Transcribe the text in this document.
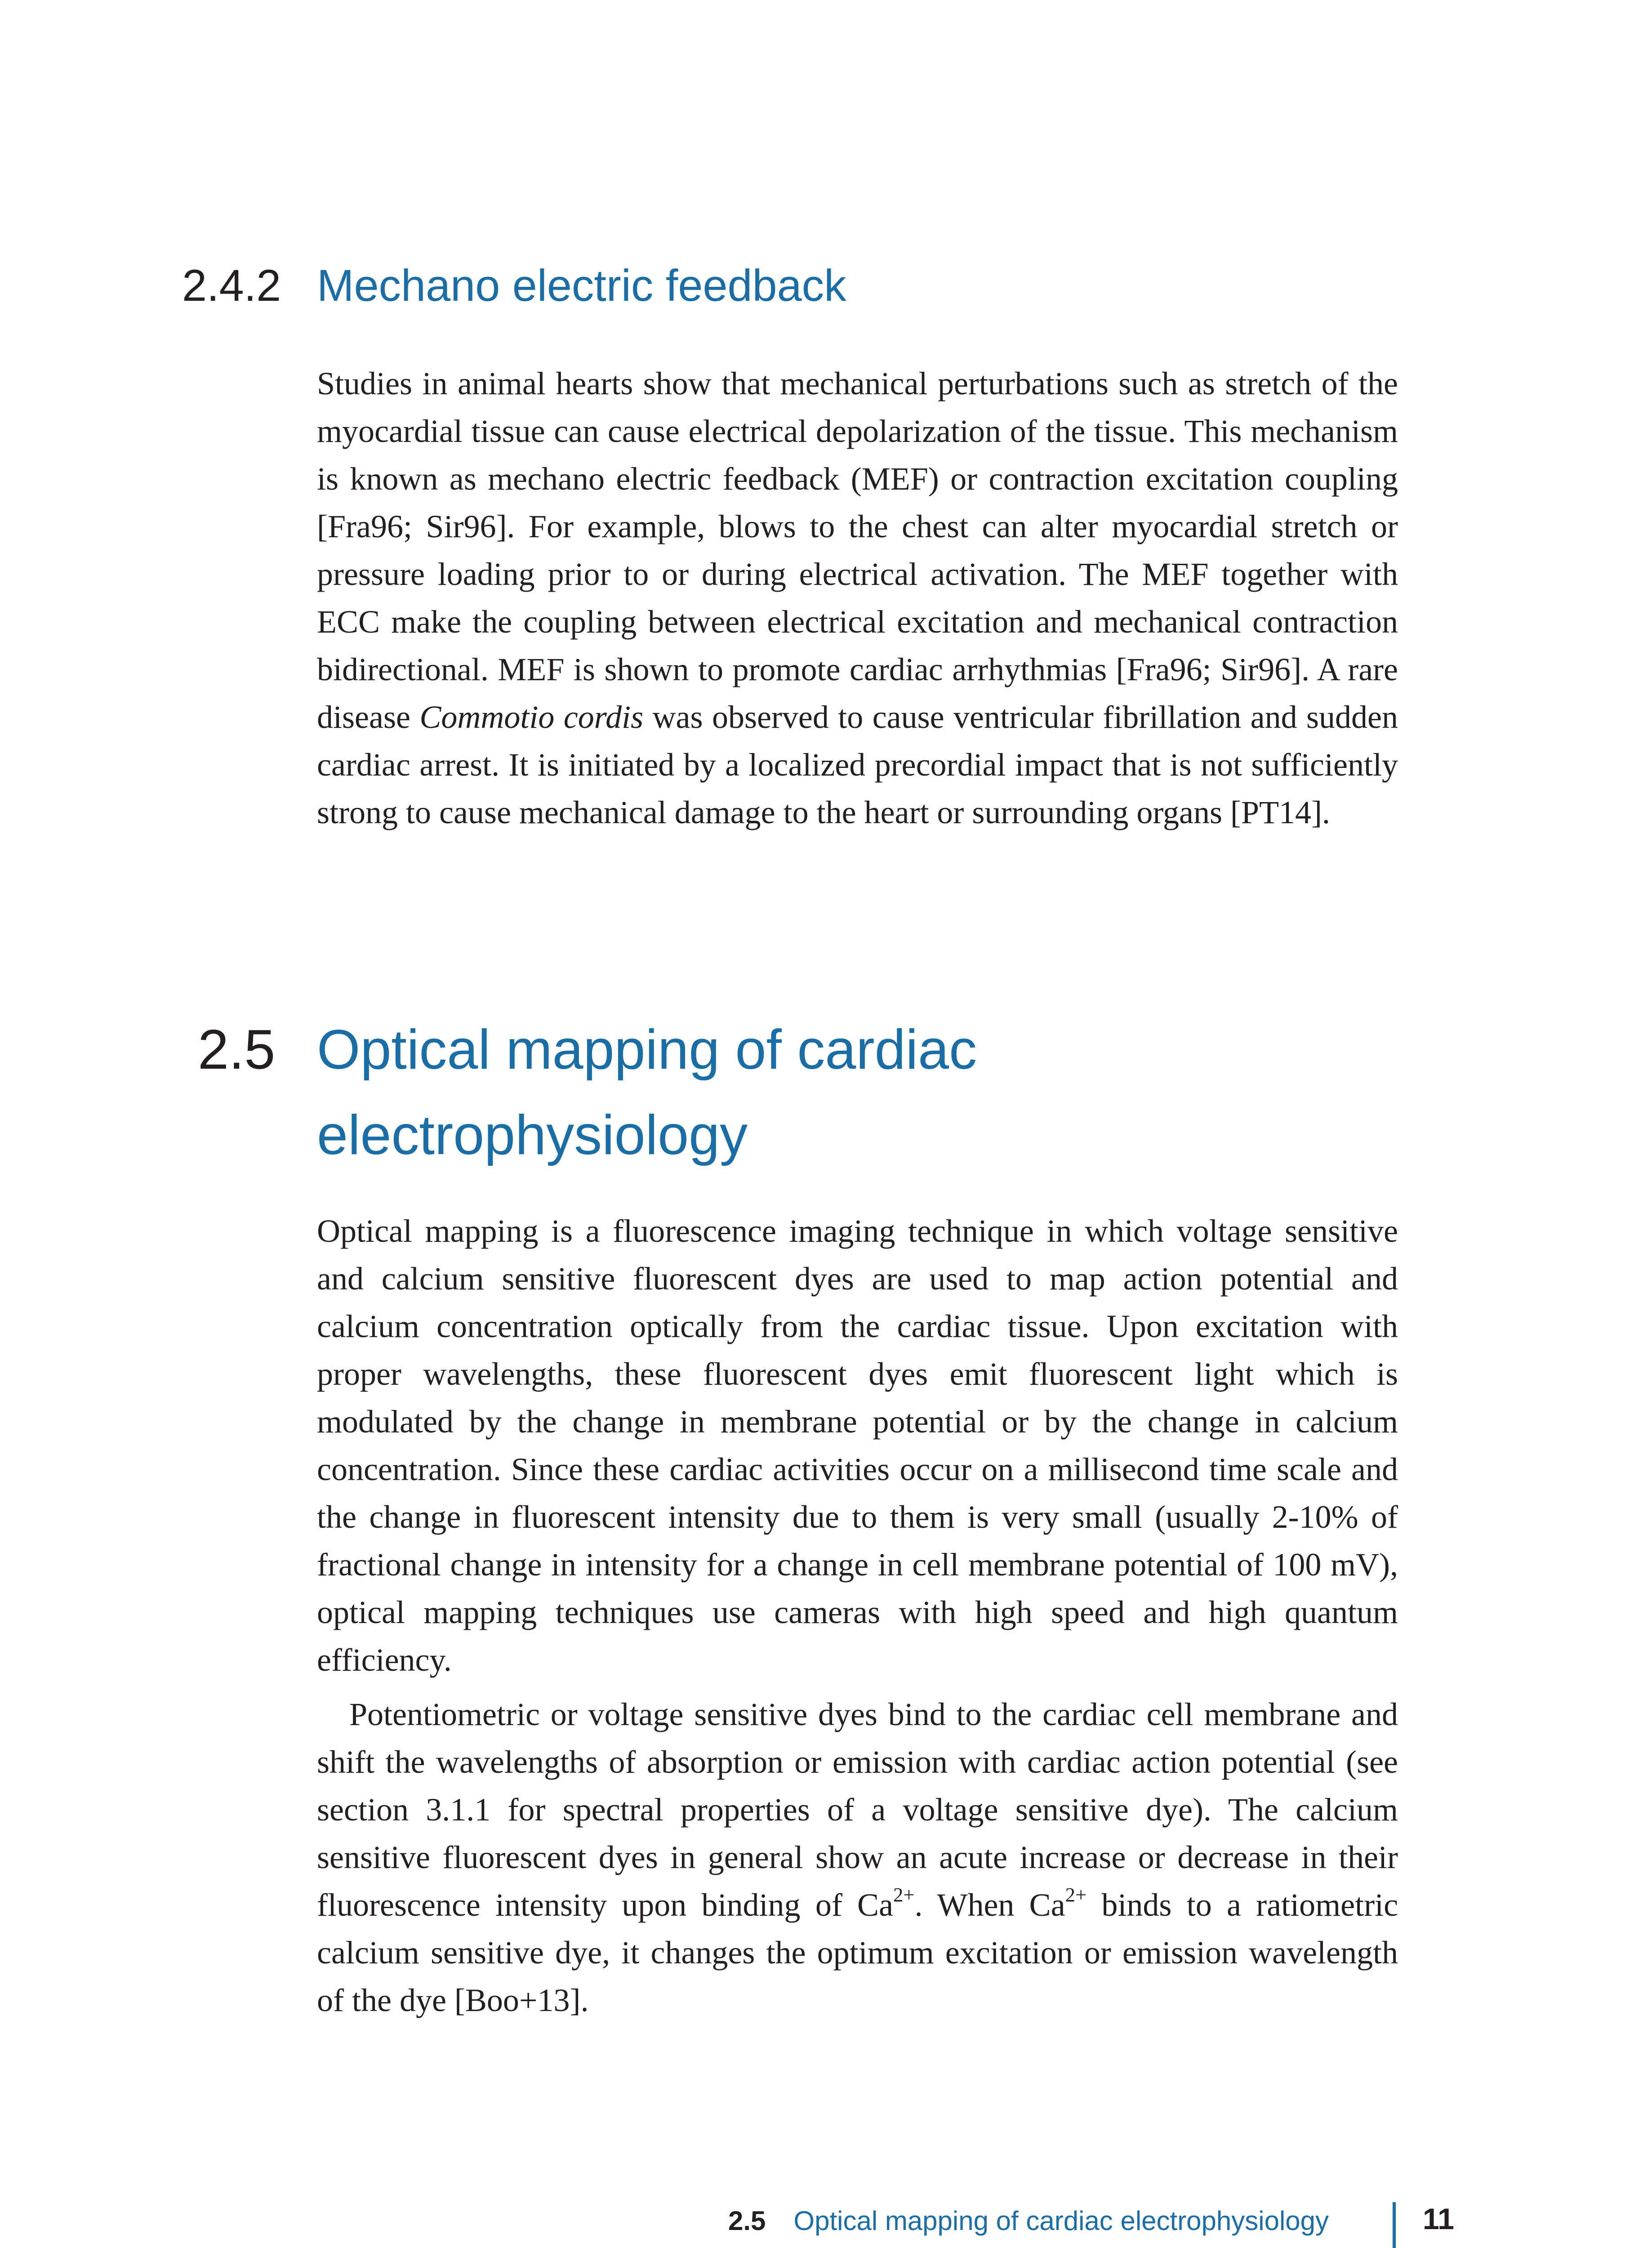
2.4.2 Mechano electric feedback

Studies in animal hearts show that mechanical perturbations such as stretch of the myocardial tissue can cause electrical depolarization of the tissue. This mechanism is known as mechano electric feedback (MEF) or contraction excitation coupling [Fra96; Sir96]. For example, blows to the chest can alter myocardial stretch or pressure loading prior to or during electrical activation. The MEF together with ECC make the coupling between electrical excitation and mechanical contraction bidirectional. MEF is shown to promote cardiac arrhythmias [Fra96; Sir96]. A rare disease Commotio cordis was observed to cause ventricular fibrillation and sudden cardiac arrest. It is initiated by a localized precordial impact that is not sufficiently strong to cause mechanical damage to the heart or surrounding organs [PT14].

2.5 Optical mapping of cardiac electrophysiology

Optical mapping is a fluorescence imaging technique in which voltage sensitive and calcium sensitive fluorescent dyes are used to map action potential and calcium concentration optically from the cardiac tissue. Upon excitation with proper wavelengths, these fluorescent dyes emit fluorescent light which is modulated by the change in membrane potential or by the change in calcium concentration. Since these cardiac activities occur on a millisecond time scale and the change in fluorescent intensity due to them is very small (usually 2-10% of fractional change in intensity for a change in cell membrane potential of 100 mV), optical mapping techniques use cameras with high speed and high quantum efficiency.

Potentiometric or voltage sensitive dyes bind to the cardiac cell membrane and shift the wavelengths of absorption or emission with cardiac action potential (see section 3.1.1 for spectral properties of a voltage sensitive dye). The calcium sensitive fluorescent dyes in general show an acute increase or decrease in their fluorescence intensity upon binding of $Ca^{2+}$. When $Ca^{2+}$ binds to a ratiometric calcium sensitive dye, it changes the optimum excitation or emission wavelength of the dye [Boo+13].

2.5 Optical mapping of cardiac electrophysiology	11
